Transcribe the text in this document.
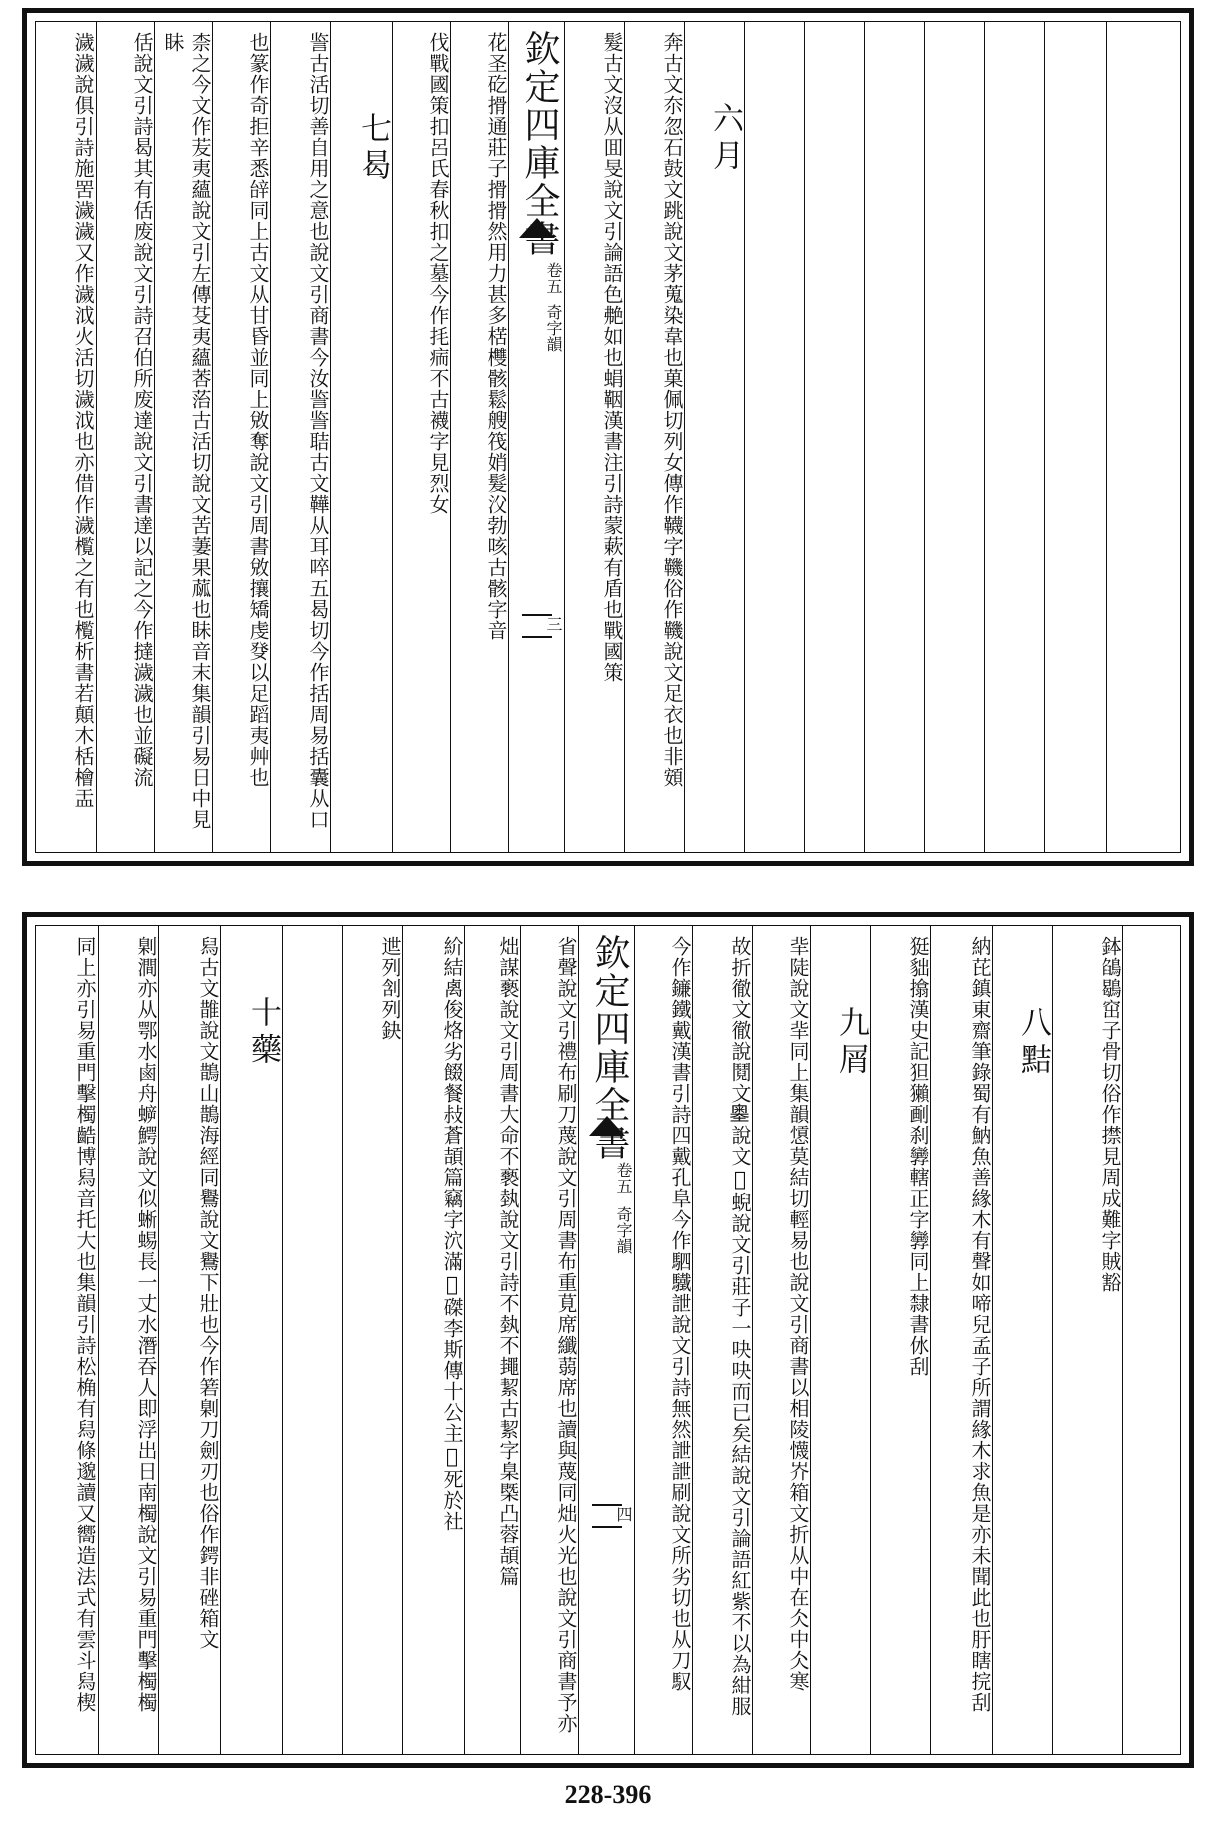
濊濊說俱引詩施罟濊濊又作濊泧火活切濊泧也亦借作濊㰖之有也㰖析書若顛木栝檜㿻	佸說文引詩曷其有佸废說文引詩召伯所废達說文引書達以記之今作撻濊濊也並礙流	柰之今文作苃夷蘊說文引左傳芟夷蘊莕菭古活切說文苦萋果蓏也眛音末集韻引易日中見眛	也篆作奇拒辛悉辝同上古文从甘昏並同上敓奪說文引周書敓攘矯虔癹以足蹈夷艸也	䛓古活切善自用之意也說文引商書今汝䛓䛓聐古文鞾从耳啐五曷切今作括周易括囊从口 七曷	伐戰國策扣呂氏春秋扣之墓今作㧌㾍不古襪字見烈女	花圣矻搰通莊子搰搰然用力甚多楛欆骸鬆艘筏娋髮㳇勃咳古骸字音 欽定四庫全書
卷五
奇字韻
三	髮古文沒从囬旻說文引論語色艴如也蜎鞇漢書注引詩蒙蔌有盾也戰國策	奔古文夵忽石鼓文跳說文茅蒐染韋也菓佩切列女傳作韈字鞿俗作鞿說文足衣也非頞 六月
同上亦引易重門擊㯮䶜博舄音托大也集韻引詩松桷有舄條邈讀又嚮造法式有雲斗舄楔	㓷澗亦从鄂水鹵舟蝷鰐說文似蜥蜴長一丈水潛吞人即浮出日南㯮說文引易重門擊㯮㯮	舄古文䧿說文鵲山鵲海經同鸒說文鸒下壯也今作箬㓷刀劍刃也俗作鍔非䂳箱文 十藥	迣列㓧列鈌	紒結禼俊烙劣餟餐敊蒼頡篇竊字泬滿𥐡磔李斯傳十公主𥐡死於社	炪謀褻說文引周書大命不褻埶說文引詩不埶不䵷絜古絜字臬㮣凸蓉頡篇	省聲說文引禮布刷刀蔑說文引周書布重莧席纖蒻席也讀與蔑同炪火光也說文引商書予亦 欽定四庫全書
卷五
奇字韻
四	今作䥥鐵戴漢書引詩四戴孔阜今作駟驖詍說文引詩無然詍詍刷說文所劣切也从刀馭	故折徹文徹說鬩文𡒃說文𩦱蜺說文引莊子一吷吷而已矣結說文引論語紅紫不以為紺服	𠤖陡說文𠤖同上集韻𢣁莫結切輕易也說文引商書以相陵懱岕箱文折从中在仌中仌寒 九屑	㹶貀㩉漢史記狚獺㓰刹㝈轄正字㝈同上隸書㲻刮	納芘鎮東齋筆錄蜀有魶魚善緣木有聲如啼兒孟子所謂緣木求魚是亦未聞此也䏏瞎捖刮 八黠	鉢鵮鶡窋子骨切俗作㩒見周成難字賊豁
228-396
